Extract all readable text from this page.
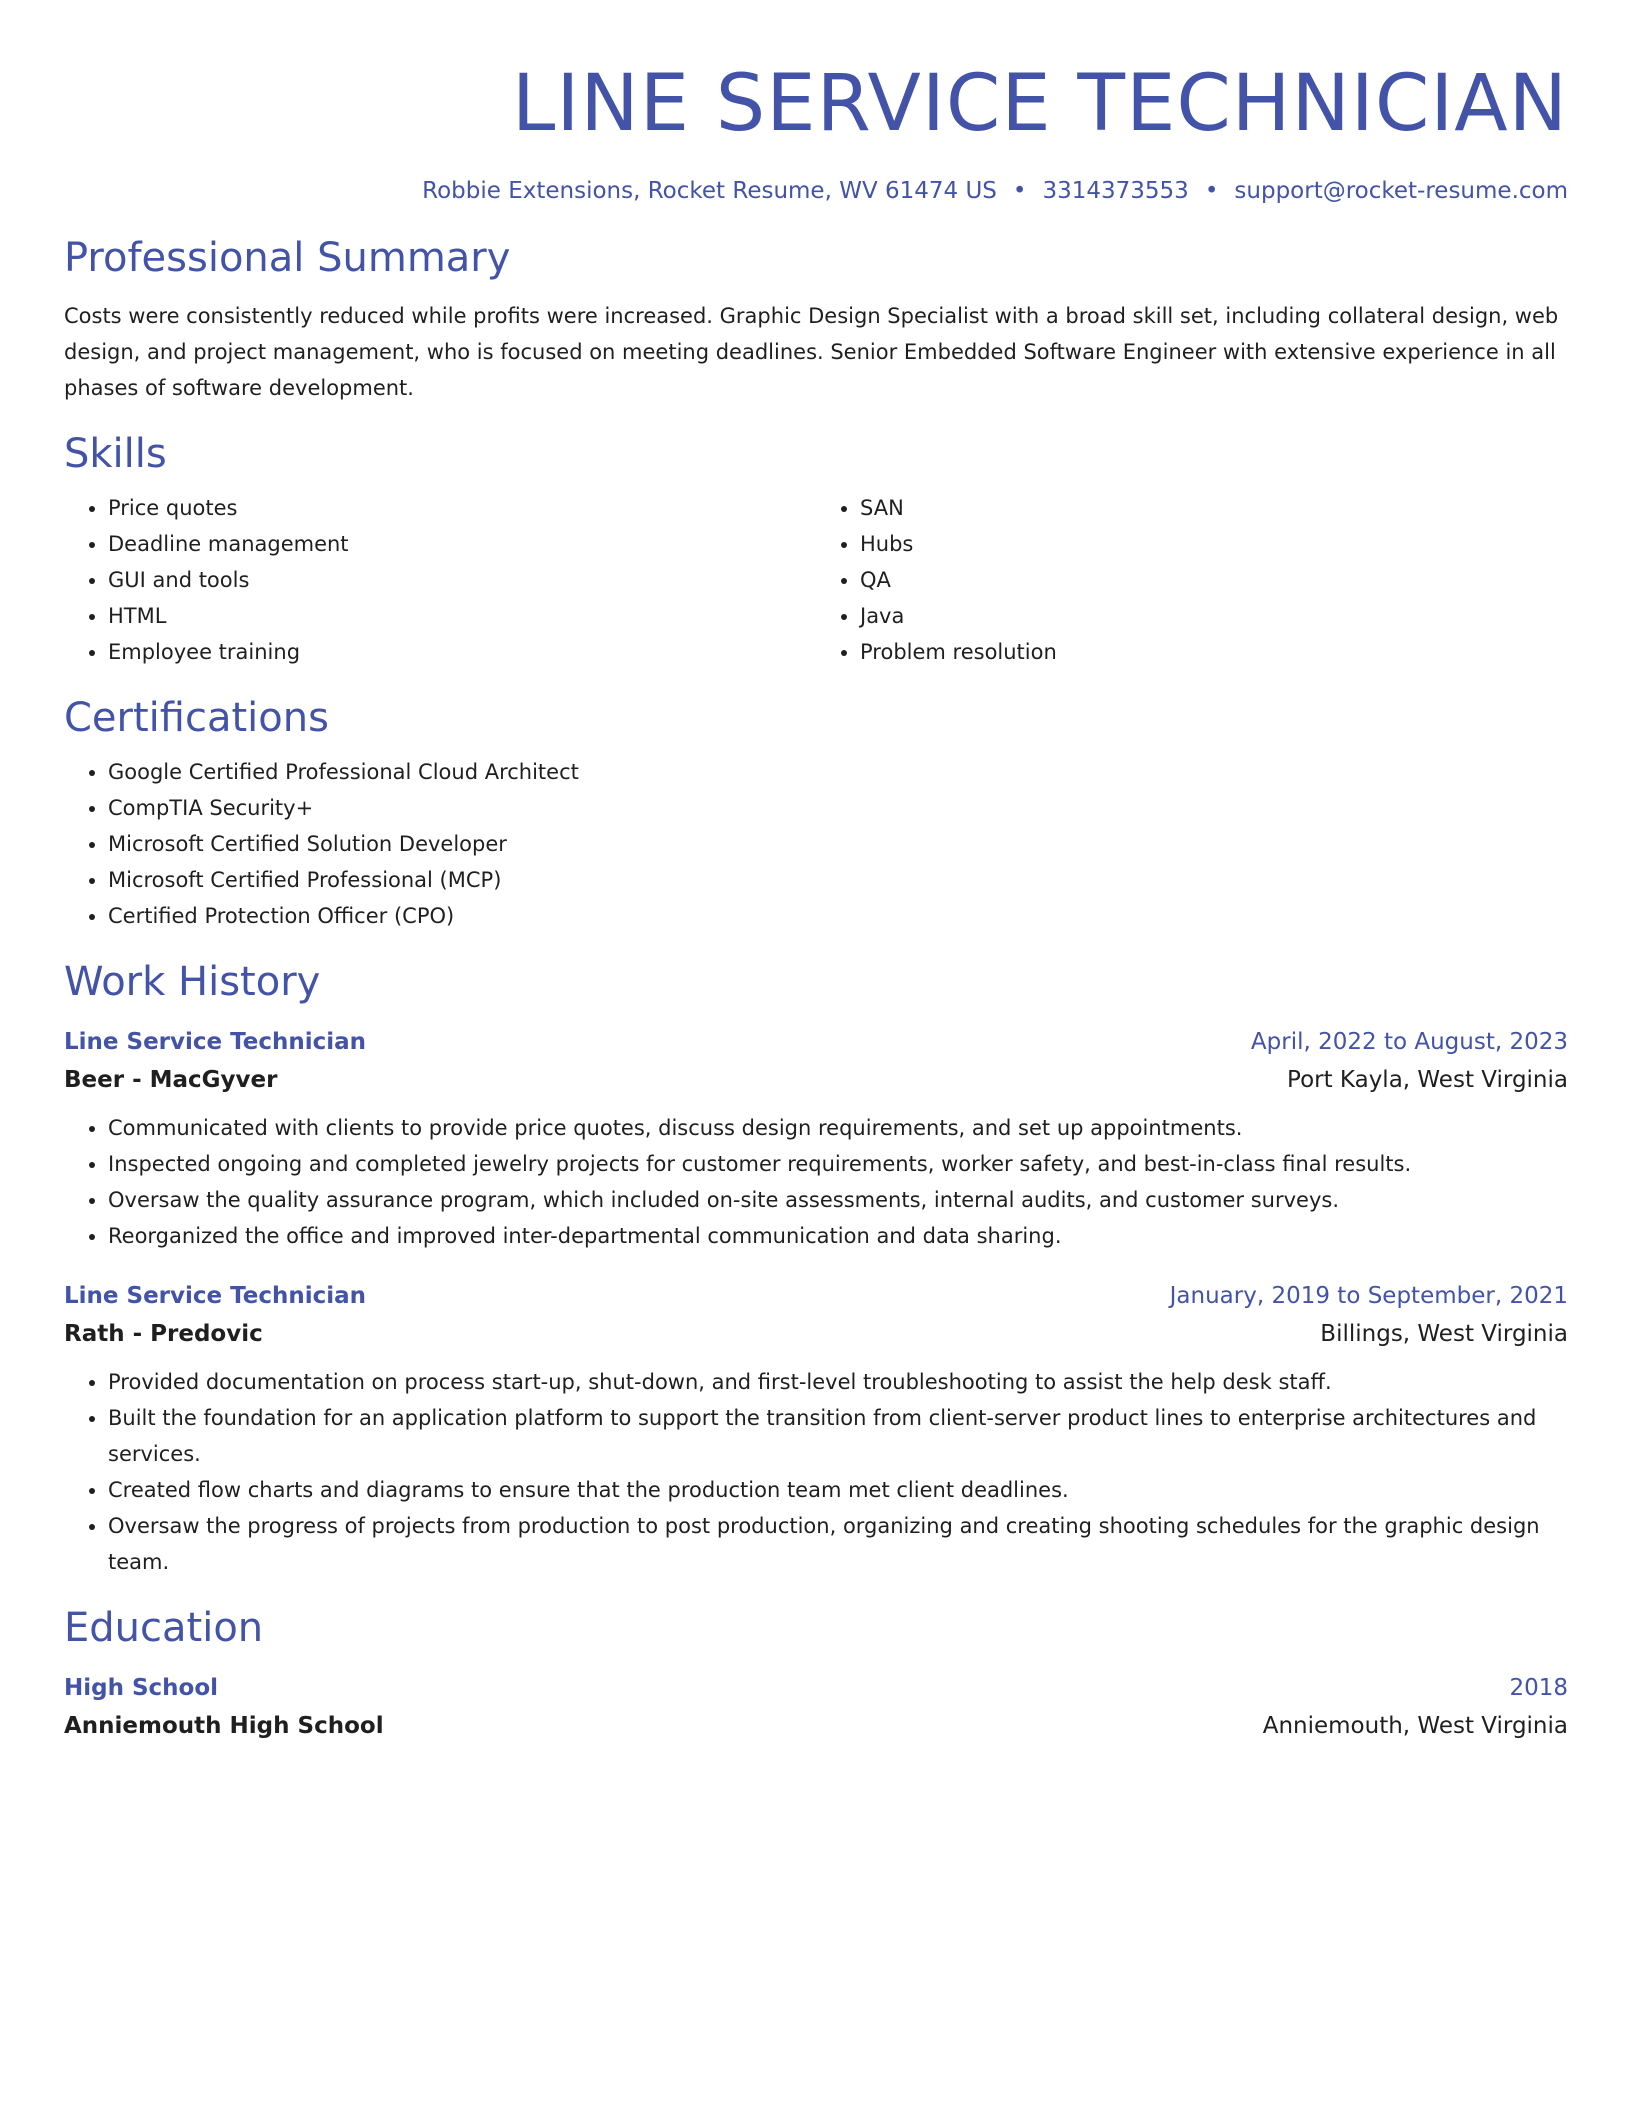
LINE SERVICE TECHNICIAN
Robbie Extensions, Rocket Resume, WV 61474 US • 3314373553 • support@rocket-resume.com
Professional Summary
Costs were consistently reduced while profits were increased. Graphic Design Specialist with a broad skill set, including collateral design, web design, and project management, who is focused on meeting deadlines. Senior Embedded Software Engineer with extensive experience in all phases of software development.
Skills
• Price quotes
• Deadline management
• GUI and tools
• HTML
• Employee training
• SAN
• Hubs
• QA
• Java
• Problem resolution
Certifications
• Google Certified Professional Cloud Architect
• CompTIA Security+
• Microsoft Certified Solution Developer
• Microsoft Certified Professional (MCP)
• Certified Protection Officer (CPO)
Work History
Line Service Technician	April, 2022 to August, 2023
Beer - MacGyver	Port Kayla, West Virginia
• Communicated with clients to provide price quotes, discuss design requirements, and set up appointments.
• Inspected ongoing and completed jewelry projects for customer requirements, worker safety, and best-in-class final results.
• Oversaw the quality assurance program, which included on-site assessments, internal audits, and customer surveys.
• Reorganized the office and improved inter-departmental communication and data sharing.
Line Service Technician	January, 2019 to September, 2021
Rath - Predovic	Billings, West Virginia
• Provided documentation on process start-up, shut-down, and first-level troubleshooting to assist the help desk staff.
• Built the foundation for an application platform to support the transition from client-server product lines to enterprise architectures and services.
• Created flow charts and diagrams to ensure that the production team met client deadlines.
• Oversaw the progress of projects from production to post production, organizing and creating shooting schedules for the graphic design team.
Education
High School	2018
Anniemouth High School	Anniemouth, West Virginia
